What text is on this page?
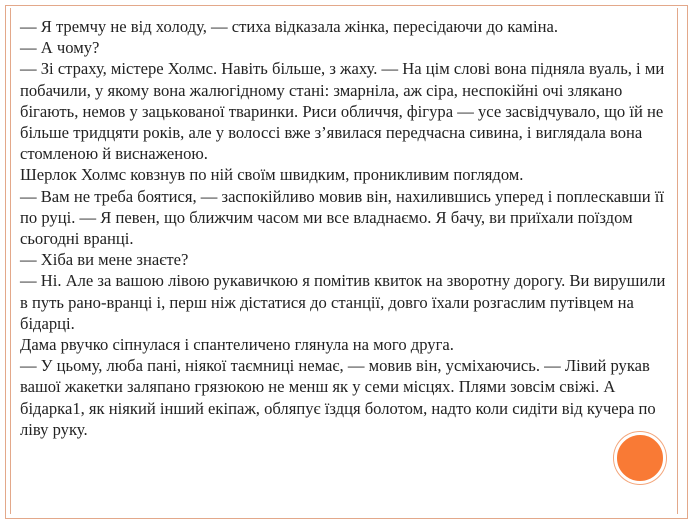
— Я тремчу не від холоду, — стиха відказала жінка, пересідаючи до каміна.

— А чому?

— Зі страху, містере Холмс. Навіть більше, з жаху. — На цім слові вона підняла вуаль, і ми побачили, у якому вона жалюгідному стані: змарніла, аж сіра, неспокійні очі злякано бігають, немов у зацькованої тваринки. Риси обличчя, фігура — усе засвідчувало, що їй не більше тридцяти років, але у волоссі вже з’явилася передчасна сивина, і виглядала вона стомленою й виснаженою.

Шерлок Холмс ковзнув по ній своїм швидким, проникливим поглядом.

— Вам не треба боятися, — заспокійливо мовив він, нахилившись уперед і поплескавши її по руці. — Я певен, що ближчим часом ми все владнаємо. Я бачу, ви приїхали поїздом сьогодні вранці.

— Хіба ви мене знаєте?

— Ні. Але за вашою лівою рукавичкою я помітив квиток на зворотну дорогу. Ви вирушили в путь рано-вранці і, перш ніж дістатися до станції, довго їхали розгаслим путівцем на бідарці.

Дама рвучко сіпнулася і спантеличено глянула на мого друга.

— У цьому, люба пані, ніякої таємниці немає, — мовив він, усміхаючись. — Лівий рукав вашої жакетки заляпано грязюкою не менш як у семи місцях. Плями зовсім свіжі. А бідарка1, як ніякий інший екіпаж, обляпує їздця болотом, надто коли сидіти від кучера по ліву руку.
